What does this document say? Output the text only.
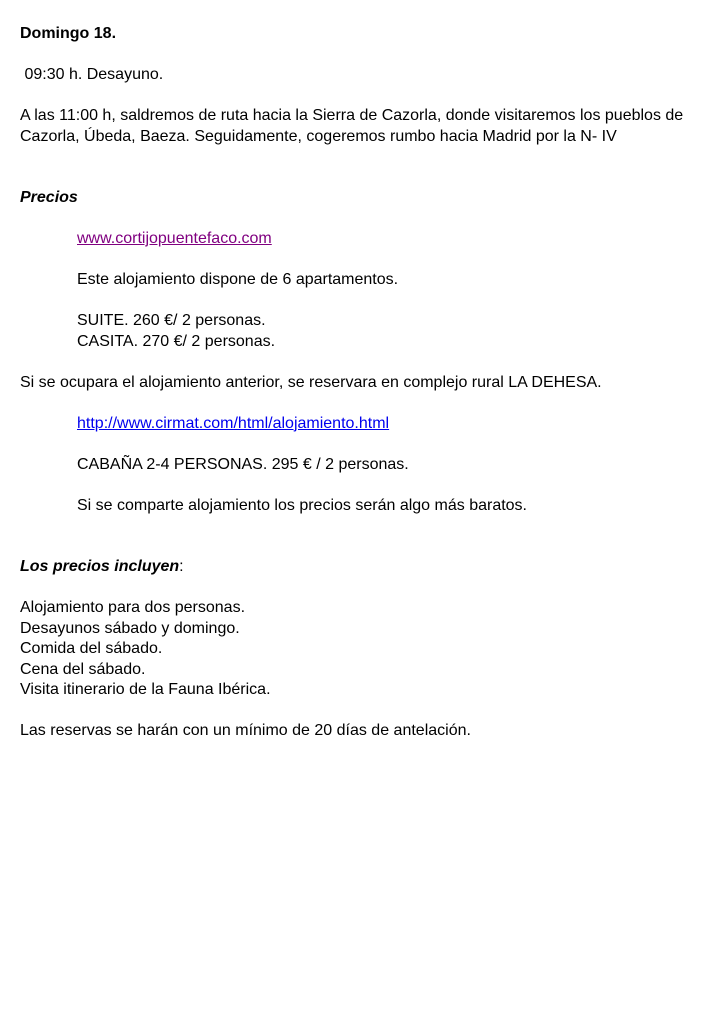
Domingo 18.
09:30 h. Desayuno.
A las 11:00 h, saldremos de ruta hacia la Sierra de Cazorla, donde visitaremos los pueblos de Cazorla, Úbeda, Baeza. Seguidamente, cogeremos rumbo hacia Madrid por la N- IV
Precios
www.cortijopuentefaco.com
Este alojamiento dispone de 6 apartamentos.
SUITE. 260 €/ 2 personas.
CASITA. 270 €/ 2 personas.
Si se ocupara el alojamiento anterior, se reservara en complejo rural LA DEHESA.
http://www.cirmat.com/html/alojamiento.html
CABAÑA 2-4 PERSONAS. 295 € / 2 personas.
Si se comparte alojamiento los precios serán algo más baratos.
Los precios incluyen:
Alojamiento para dos personas.
Desayunos sábado y domingo.
Comida del sábado.
Cena del sábado.
Visita itinerario de la Fauna Ibérica.
Las reservas se harán con un mínimo de 20 días de antelación.
